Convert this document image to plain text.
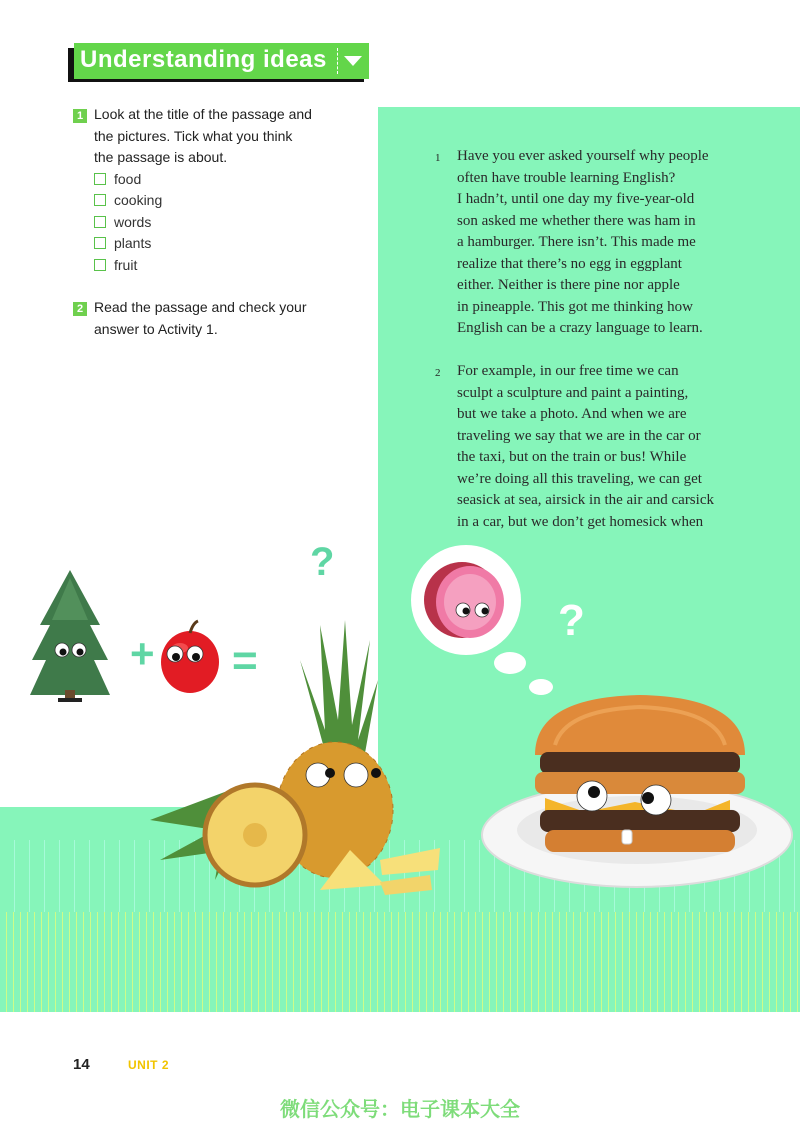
Understanding ideas
1 Look at the title of the passage and
the pictures. Tick what you think
the passage is about.
food
cooking
words
plants
fruit
2 Read the passage and check your
answer to Activity 1.
1 Have you ever asked yourself why people
often have trouble learning English?
I hadn’t, until one day my five-year-old
son asked me whether there was ham in
a hamburger. There isn’t. This made me
realize that there’s no egg in eggplant
either. Neither is there pine nor apple
in pineapple. This got me thinking how
English can be a crazy language to learn.
2 For example, in our free time we can
sculpt a sculpture and paint a painting,
but we take a photo. And when we are
traveling we say that we are in the car or
the taxi, but on the train or bus! While
we’re doing all this traveling, we can get
seasick at sea, airsick in the air and carsick
in a car, but we don’t get homesick when
+ =
?
?
14	UNIT 2
微信公众号：电子课本大全
